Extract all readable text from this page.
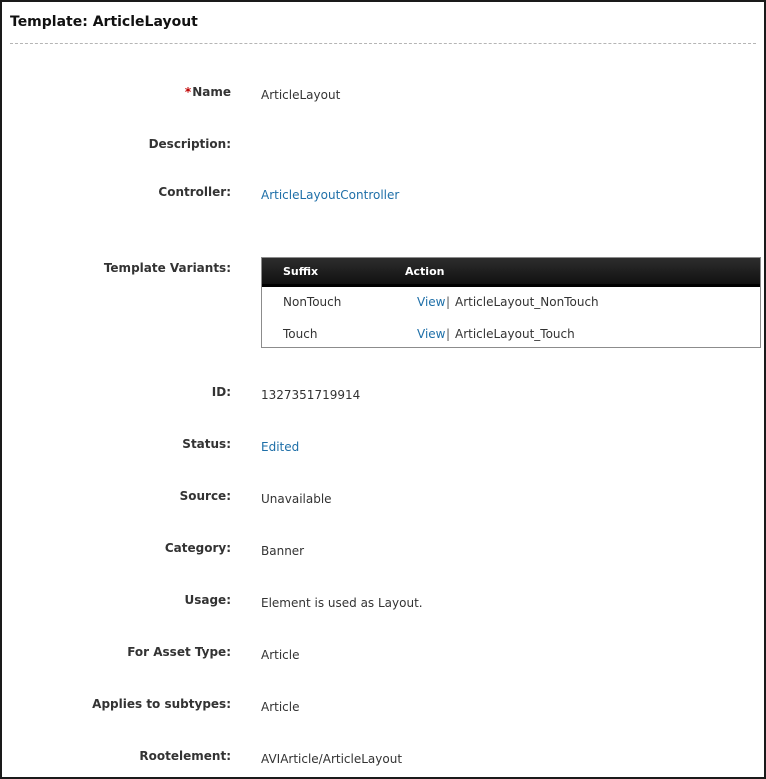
Template: ArticleLayout
*Name	ArticleLayout
Description:
Controller:	ArticleLayoutController
Template Variants:	Suffix	Action
NonTouch	View | ArticleLayout_NonTouch
Touch	View | ArticleLayout_Touch
ID:	1327351719914
Status:	Edited
Source:	Unavailable
Category:	Banner
Usage:	Element is used as Layout.
For Asset Type:	Article
Applies to subtypes:	Article
Rootelement:	AVIArticle/ArticleLayout
